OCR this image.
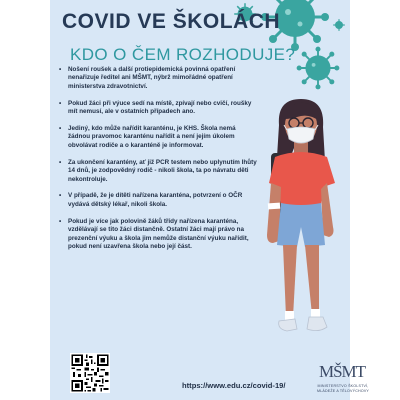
COVID VE ŠKOLÁCH
KDO O ČEM ROZHODUJE?
• Nošení roušek a další protiepidemická povinná opatření nenařizuje ředitel ani MŠMT, nýbrž mimořádné opatření ministerstva zdravotnictví.
• Pokud žáci při výuce sedí na místě, zpívají nebo cvičí, roušky mít nemusí, ale v ostatních případech ano.
• Jediný, kdo může nařídit karanténu, je KHS. Škola nemá žádnou pravomoc karanténu nařídit a není jejím úkolem obvolávat rodiče a o karanténě je informovat.
• Za ukončení karantény, ať již PCR testem nebo uplynutím lhůty 14 dnů, je zodpovědný rodič - nikoli škola, ta po návratu děti nekontroluje.
• V případě, že je dítěti nařízena karanténa, potvrzení o OČR vydává dětský lékař, nikoli škola.
• Pokud je více jak polovině žáků třídy nařízena karanténa, vzdělávají se tito žáci distančně. Ostatní žáci mají právo na prezenční výuku a škola jim nemůže distanční výuku nařídit, pokud není uzavřena škola nebo její část.
https://www.edu.cz/covid-19/
MŠMT
MINISTERSTVO ŠKOLSTVÍ,
MLÁDEŽE A TĚLOVÝCHOVY
